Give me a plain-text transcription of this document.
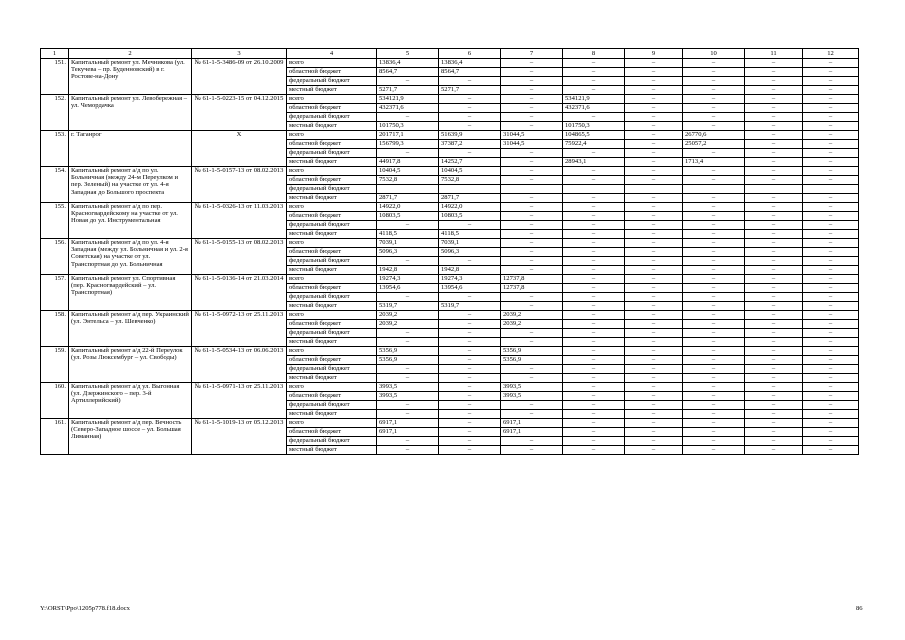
1	2	3	4	5	6	7	8	9	10	11	12
151.	Капитальный ремонт ул. Мечникова (ул. Текучева – пр. Буденновский) в г. Ростове-на-Дону	№ 61-1-5-3486-09 от 26.10.2009	всего	13836,4	13836,4	–	–	–	–	–	–
			областной бюджет	8564,7	8564,7	–	–	–	–	–	–
			федеральный бюджет	–	–	–	–	–	–	–	–
			местный бюджет	5271,7	5271,7	–	–	–	–	–	–
152.	Капитальный ремонт ул. Левобережная – ул. Чемордачка	№ 61-1-5-0223-15 от 04.12.2015	всего	534121,9	–	–	534121,9	–	–	–	–
			областной бюджет	432371,6	–	–	432371,6	–	–	–	–
			федеральный бюджет	–	–	–	–	–	–	–	–
			местный бюджет	101750,3	–	–	101750,3	–	–	–	–
153.	г. Таганрог	Х	всего	201717,1	51639,9	31044,5	104865,5	–	26770,6	–	–
			областной бюджет	156799,3	37387,2	31044,5	75922,4	–	25057,2	–	–
			федеральный бюджет	–	–	–	–	–	–	–	–
			местный бюджет	44917,8	14252,7	–	28943,1	–	1713,4	–	–
154.	Капитальный ремонт а/д по ул. Больничная (между 24-м Переулком и пер. Зеленый) на участке от ул. 4-я Западная до Большого проспекта	№ 61-1-5-0157-13 от 08.02.2013	всего	10404,5	10404,5	–	–	–	–	–	–
			областной бюджет	7532,8	7532,8	–	–	–	–	–	–
			федеральный бюджет								
			местный бюджет	2871,7	2871,7	–	–	–	–	–	–
155.	Капитальный ремонт а/д по пер. Красногвардейскому на участке от ул. Новая до ул. Инструментальная	№ 61-1-5-0326-13 от 11.03.2013	всего	14922,0	14922,0	–	–	–	–	–	–
			областной бюджет	10803,5	10803,5	–	–	–	–	–	–
			федеральный бюджет	–	–	–	–	–	–	–	–
			местный бюджет	4118,5	4118,5	–	–	–	–	–	–
156.	Капитальный ремонт а/д по ул. 4-я Западная (между ул. Больничная и ул. 2-я Советская) на участке от ул. Транспортная до ул. Больничная	№ 61-1-5-0155-13 от 08.02.2013	всего	7039,1	7039,1	–	–	–	–	–	–
			областной бюджет	5096,3	5096,3	–	–	–	–	–	–
			федеральный бюджет	–	–	–	–	–	–	–	–
			местный бюджет	1942,8	1942,8	–	–	–	–	–	–
157.	Капитальный ремонт ул. Спортивная (пер. Красногвардейский – ул. Транспортная)	№ 61-1-5-0136-14 от 21.03.2014	всего	19274,3	19274,3	12737,8	–	–	–	–	–
			областной бюджет	13954,6	13954,6	12737,8	–	–	–	–	–
			федеральный бюджет	–	–	–	–	–	–	–	–
			местный бюджет	5319,7	5319,7	–	–	–	–	–	–
158.	Капитальный ремонт а/д пер. Украинский (ул. Энтельса – ул. Шевченко)	№ 61-1-5-0972-13 от 25.11.2013	всего	2039,2	–	2039,2	–	–	–	–	–
			областной бюджет	2039,2	–	2039,2	–	–	–	–	–
			федеральный бюджет	–	–	–	–	–	–	–	–
			местный бюджет	–	–	–	–	–	–	–	–
159.	Капитальный ремонт а/д 22-й Переулок (ул. Розы Люксембург – ул. Свободы)	№ 61-1-5-0534-13 от 06.06.2013	всего	5356,9	–	5356,9	–	–	–	–	–
			областной бюджет	5356,9	–	5356,9	–	–	–	–	–
			федеральный бюджет	–	–	–	–	–	–	–	–
			местный бюджет	–	–	–	–	–	–	–	–
160.	Капитальный ремонт а/д ул. Выгонная (ул. Дзержинского – пер. 3-й Артиллерийский)	№ 61-1-5-0971-13 от 25.11.2013	всего	3993,5	–	3993,5	–	–	–	–	–
			областной бюджет	3993,5	–	3993,5	–	–	–	–	–
			федеральный бюджет	–	–	–	–	–	–	–	–
			местный бюджет	–	–	–	–	–	–	–	–
161.	Капитальный ремонт а/д пер. Вечность (Северо-Западное шоссе – ул. Большая Лиманная)	№ 61-1-5-1019-13 от 05.12.2013	всего	6917,1	–	6917,1	–	–	–	–	–
			областной бюджет	6917,1	–	6917,1	–	–	–	–	–
			федеральный бюджет	–	–	–	–	–	–	–	–
			местный бюджет	–	–	–	–	–	–	–	–
Y:\ORST\Ppo\1205p778.f18.docx	86
